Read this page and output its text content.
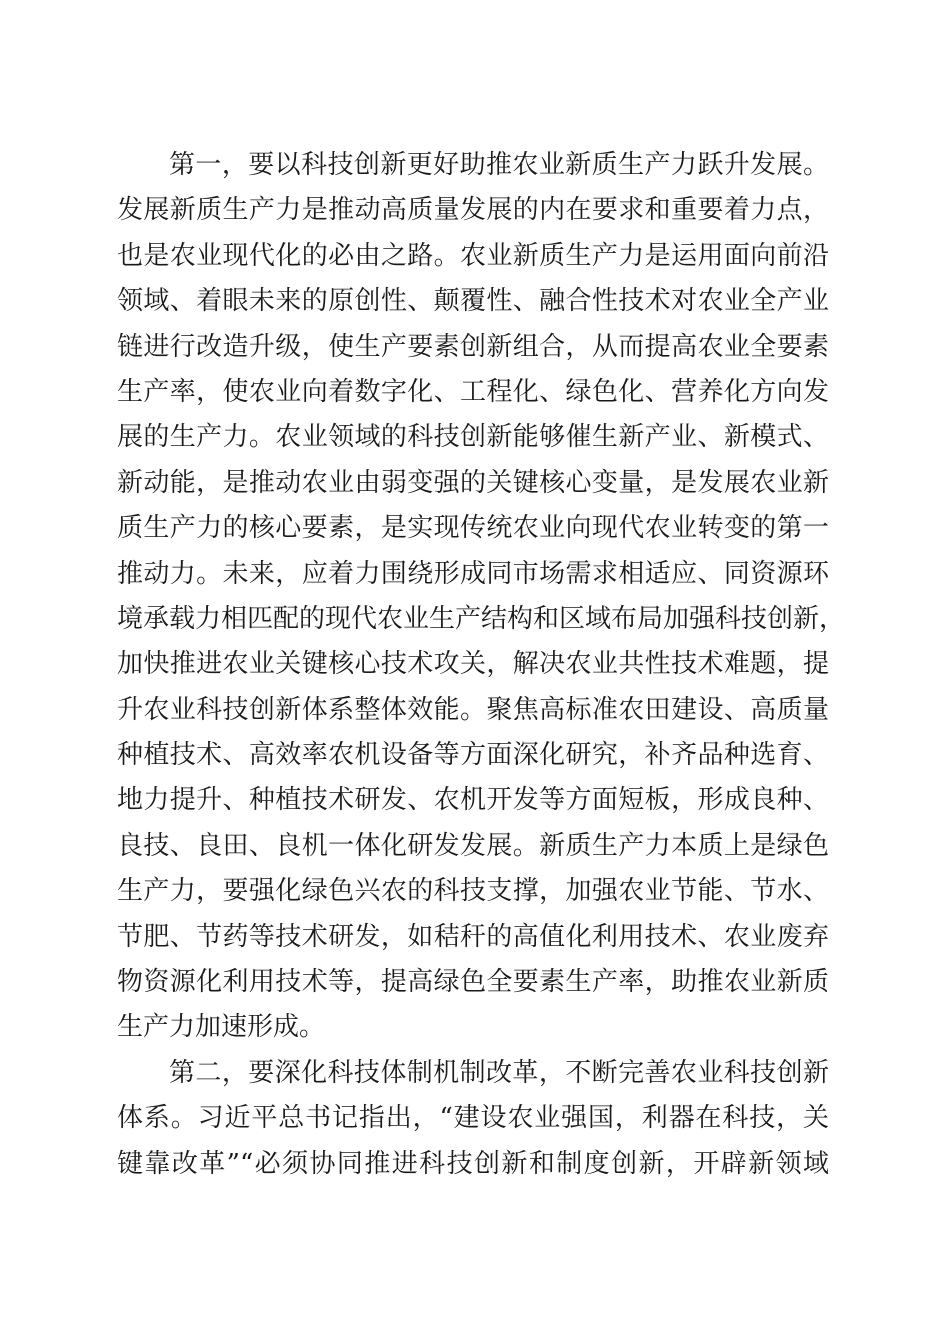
第一，要以科技创新更好助推农业新质生产力跃升发展。
发展新质生产力是推动高质量发展的内在要求和重要着力点，
也是农业现代化的必由之路。农业新质生产力是运用面向前沿
领域、着眼未来的原创性、颠覆性、融合性技术对农业全产业
链进行改造升级，使生产要素创新组合，从而提高农业全要素
生产率，使农业向着数字化、工程化、绿色化、营养化方向发
展的生产力。农业领域的科技创新能够催生新产业、新模式、
新动能，是推动农业由弱变强的关键核心变量，是发展农业新
质生产力的核心要素，是实现传统农业向现代农业转变的第一
推动力。未来，应着力围绕形成同市场需求相适应、同资源环
境承载力相匹配的现代农业生产结构和区域布局加强科技创新，
加快推进农业关键核心技术攻关，解决农业共性技术难题，提
升农业科技创新体系整体效能。聚焦高标准农田建设、高质量
种植技术、高效率农机设备等方面深化研究，补齐品种选育、
地力提升、种植技术研发、农机开发等方面短板，形成良种、
良技、良田、良机一体化研发发展。新质生产力本质上是绿色
生产力，要强化绿色兴农的科技支撑，加强农业节能、节水、
节肥、节药等技术研发，如秸秆的高值化利用技术、农业废弃
物资源化利用技术等，提高绿色全要素生产率，助推农业新质
生产力加速形成。
第二，要深化科技体制机制改革，不断完善农业科技创新
体系。习近平总书记指出，“建设农业强国，利器在科技，关
键靠改革”“必须协同推进科技创新和制度创新，开辟新领域
